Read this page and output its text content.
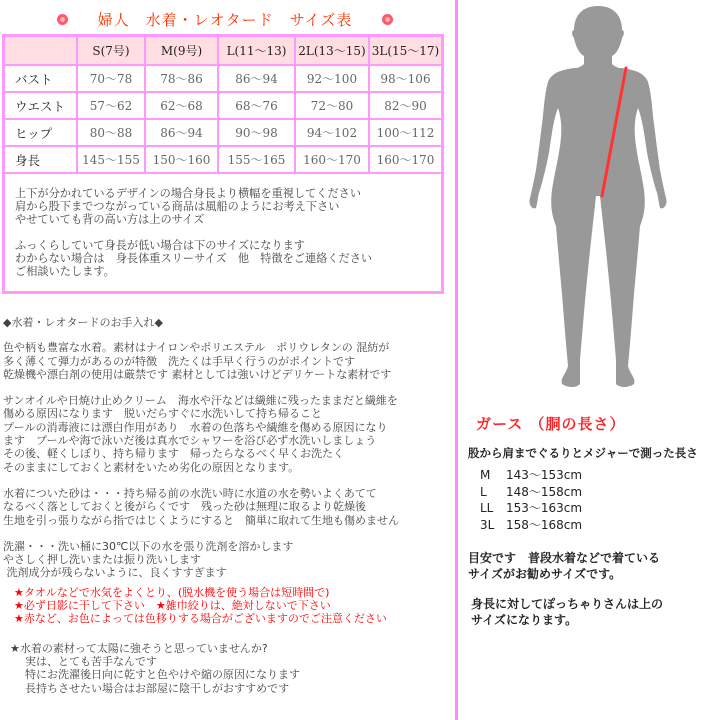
婦人　水着・レオタード　サイズ表
	S(7号)	M(9号)	L(11〜13)	2L(13〜15)	3L(15〜17)
バスト	70〜78	78〜86	86〜94	92〜100	98〜106
ウエスト	57〜62	62〜68	68〜76	72〜80	82〜90
ヒップ	80〜88	86〜94	90〜98	94〜102	100〜112
身長	145〜155	150〜160	155〜165	160〜170	160〜170
上下が分かれているデザインの場合身長より横幅を重視してください
肩から股下までつながっている商品は風船のようにお考え下さい
やせていても背の高い方は上のサイズ
ふっくらしていて身長が低い場合は下のサイズになります
わからない場合は　身長体重スリーサイズ　他　特徴をご連絡ください
ご相談いたします。
◆水着・レオタードのお手入れ◆
色や柄も豊富な水着。素材はナイロンやポリエステル　ポリウレタンの 混紡が
多く薄くて弾力があるのが特徴　洗たくは手早く行うのがポイントです
乾燥機や漂白剤の使用は厳禁です 素材としては強いけどデリケートな素材です
サンオイルや日焼け止めクリーム　海水や汗などは繊維に残ったままだと繊維を
傷める原因になります　脱いだらすぐに水洗いして持ち帰ること
プールの消毒液には漂白作用があり　水着の色落ちや繊維を傷める原因になり
ます　プールや海で泳いだ後は真水でシャワーを浴び必ず水洗いしましょう
その後、軽くしぼり、持ち帰ります　帰ったらなるべく早くお洗たく
そのままにしておくと素材をいため劣化の原因となります。
水着についた砂は・・・持ち帰る前の水洗い時に水道の水を勢いよくあてて
なるべく落としておくと後がらくです　残った砂は無理に取るより乾燥後
生地を引っ張りながら指ではじくようにすると　簡単に取れて生地も傷めません
洗濯・・・洗い桶に30℃以下の水を張り洗剤を溶かします
やさしく押し洗いまたは振り洗いします
洗剤成分が残らないように、良くすすぎます
★タオルなどで水気をよくとり、(脱水機を使う場合は短時間で)
★必ず日影に干して下さい　★雑巾絞りは、絶対しないで下さい
★赤など、お色によっては色移りする場合がございますのでご注意ください
★水着の素材って太陽に強そうと思っていませんか?
実は、とても苦手なんです
特にお洗濯後日向に乾すと色やけや縮の原因になります
長持ちさせたい場合はお部屋に陰干しがおすすめです
ガース （胴の長さ）
股から肩までぐるりとメジャーで測った長さ
M	143〜153cm
L	148〜158cm
LL	153〜163cm
3L 158〜168cm
目安です　普段水着などで着ている
サイズがお勧めサイズです。
身長に対してぽっちゃりさんは上の
サイズになります。
